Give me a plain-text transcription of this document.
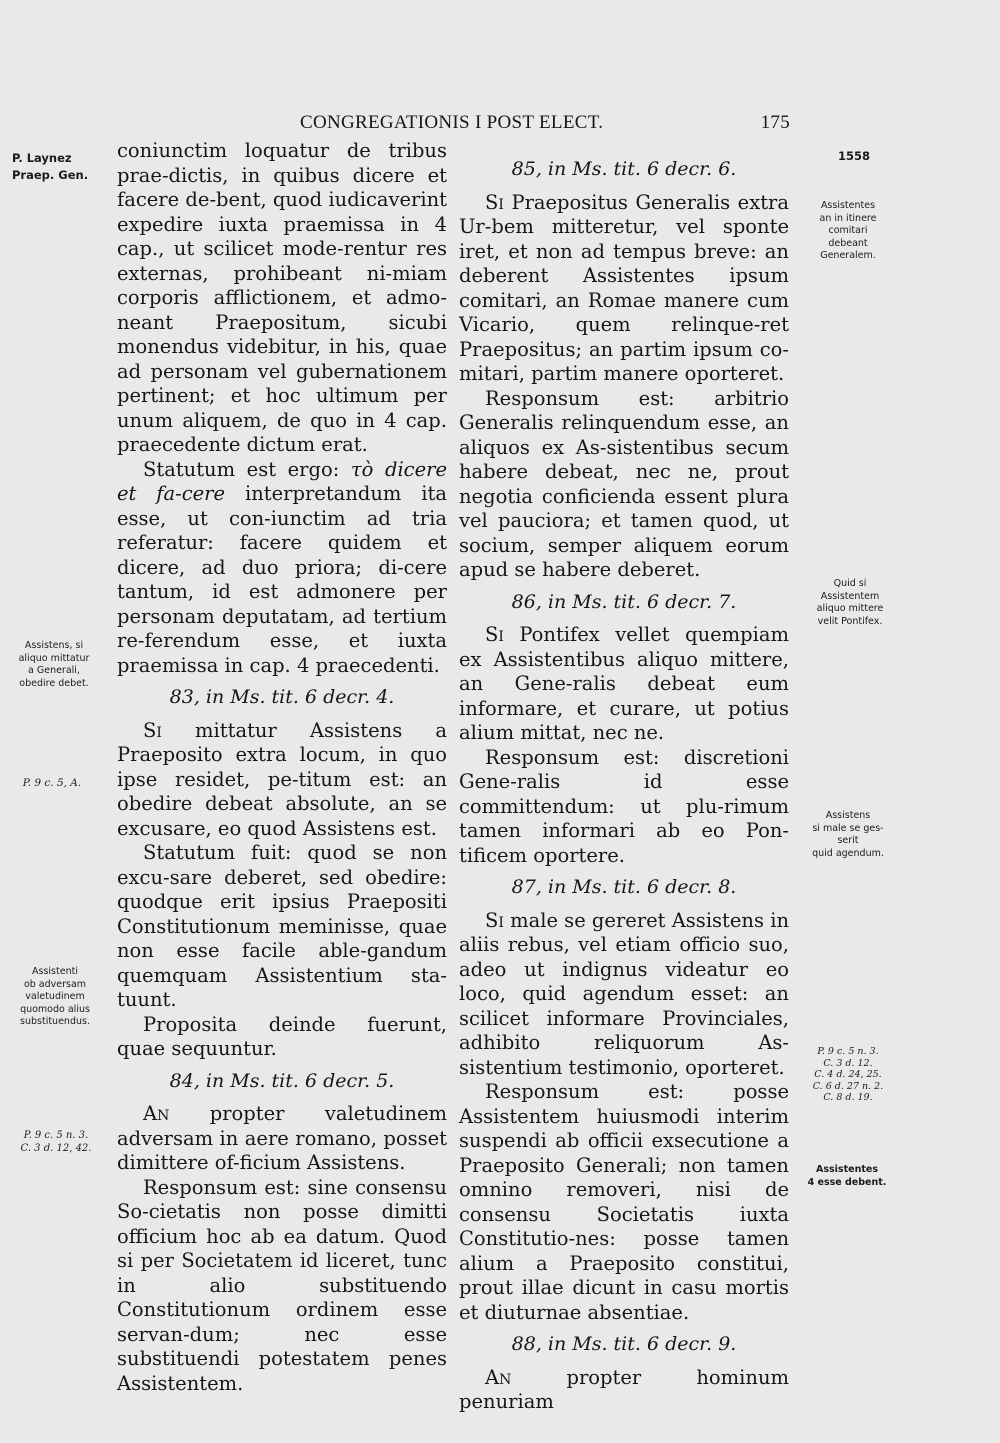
CONGREGATIONIS I POST ELECT.	175
P. Laynez
Praep. Gen.
Assistens, si
aliquo mittatur
a Generali,
obedire debet.
P. 9 c. 5, A.
Assistenti
ob adversam
valetudinem
quomodo alius
substituendus.
P. 9 c. 5 n. 3.
C. 3 d. 12, 42.
1558
Assistentes
an in itinere
comitari
debeant
Generalem.
Quid si
Assistentem
aliquo mittere
velit Pontifex.
Assistens
si male se ges-
serit
quid agendum.
P. 9 c. 5 n. 3.
C. 3 d. 12.
C. 4 d. 24, 25.
C. 6 d. 27 n. 2.
C. 8 d. 19.
Assistentes
4 esse debent.

coniunctim loquatur de tribus prae-dictis, in quibus dicere et facere de-bent, quod iudicaverint expedire iuxta praemissa in 4 cap., ut scilicet mode-rentur res externas, prohibeant ni-miam corporis afflictionem, et admo-neant Praepositum, sicubi monendus videbitur, in his, quae ad personam vel gubernationem pertinent; et hoc ultimum per unum aliquem, de quo in 4 cap. praecedente dictum erat.

Statutum est ergo: τὸ dicere et fa-cere interpretandum ita esse, ut con-iunctim ad tria referatur: facere quidem et dicere, ad duo priora; di-cere tantum, id est admonere per personam deputatam, ad tertium re-ferendum esse, et iuxta praemissa in cap. 4 praecedenti.

83, in Ms. tit. 6 decr. 4.

Si mittatur Assistens a Praeposito extra locum, in quo ipse residet, pe-titum est: an obedire debeat absolute, an se excusare, eo quod Assistens est.

Statutum fuit: quod se non excu-sare deberet, sed obedire: quodque erit ipsius Praepositi Constitutionum meminisse, quae non esse facile able-gandum quemquam Assistentium sta-tuunt.

Proposita deinde fuerunt, quae sequuntur.

84, in Ms. tit. 6 decr. 5.

An propter valetudinem adversam in aere romano, posset dimittere of-ficium Assistens.

Responsum est: sine consensu So-cietatis non posse dimitti officium hoc ab ea datum. Quod si per Societatem id liceret, tunc in alio substituendo Constitutionum ordinem esse servan-dum; nec esse substituendi potestatem penes Assistentem.

85, in Ms. tit. 6 decr. 6.

Si Praepositus Generalis extra Ur-bem mitteretur, vel sponte iret, et non ad tempus breve: an deberent Assistentes ipsum comitari, an Romae manere cum Vicario, quem relinque-ret Praepositus; an partim ipsum co-mitari, partim manere oporteret.

Responsum est: arbitrio Generalis relinquendum esse, an aliquos ex As-sistentibus secum habere debeat, nec ne, prout negotia conficienda essent plura vel pauciora; et tamen quod, ut socium, semper aliquem eorum apud se habere deberet.

86, in Ms. tit. 6 decr. 7.

Si Pontifex vellet quempiam ex Assistentibus aliquo mittere, an Gene-ralis debeat eum informare, et curare, ut potius alium mittat, nec ne.

Responsum est: discretioni Gene-ralis id esse committendum: ut plu-rimum tamen informari ab eo Pon-tificem oportere.

87, in Ms. tit. 6 decr. 8.

Si male se gereret Assistens in aliis rebus, vel etiam officio suo, adeo ut indignus videatur eo loco, quid agendum esset: an scilicet informare Provinciales, adhibito reliquorum As-sistentium testimonio, oporteret.

Responsum est: posse Assistentem huiusmodi interim suspendi ab officii exsecutione a Praeposito Generali; non tamen omnino removeri, nisi de consensu Societatis iuxta Constitutio-nes: posse tamen alium a Praeposito constitui, prout illae dicunt in casu mortis et diuturnae absentiae.

88, in Ms. tit. 6 decr. 9.

An propter hominum penuriam
